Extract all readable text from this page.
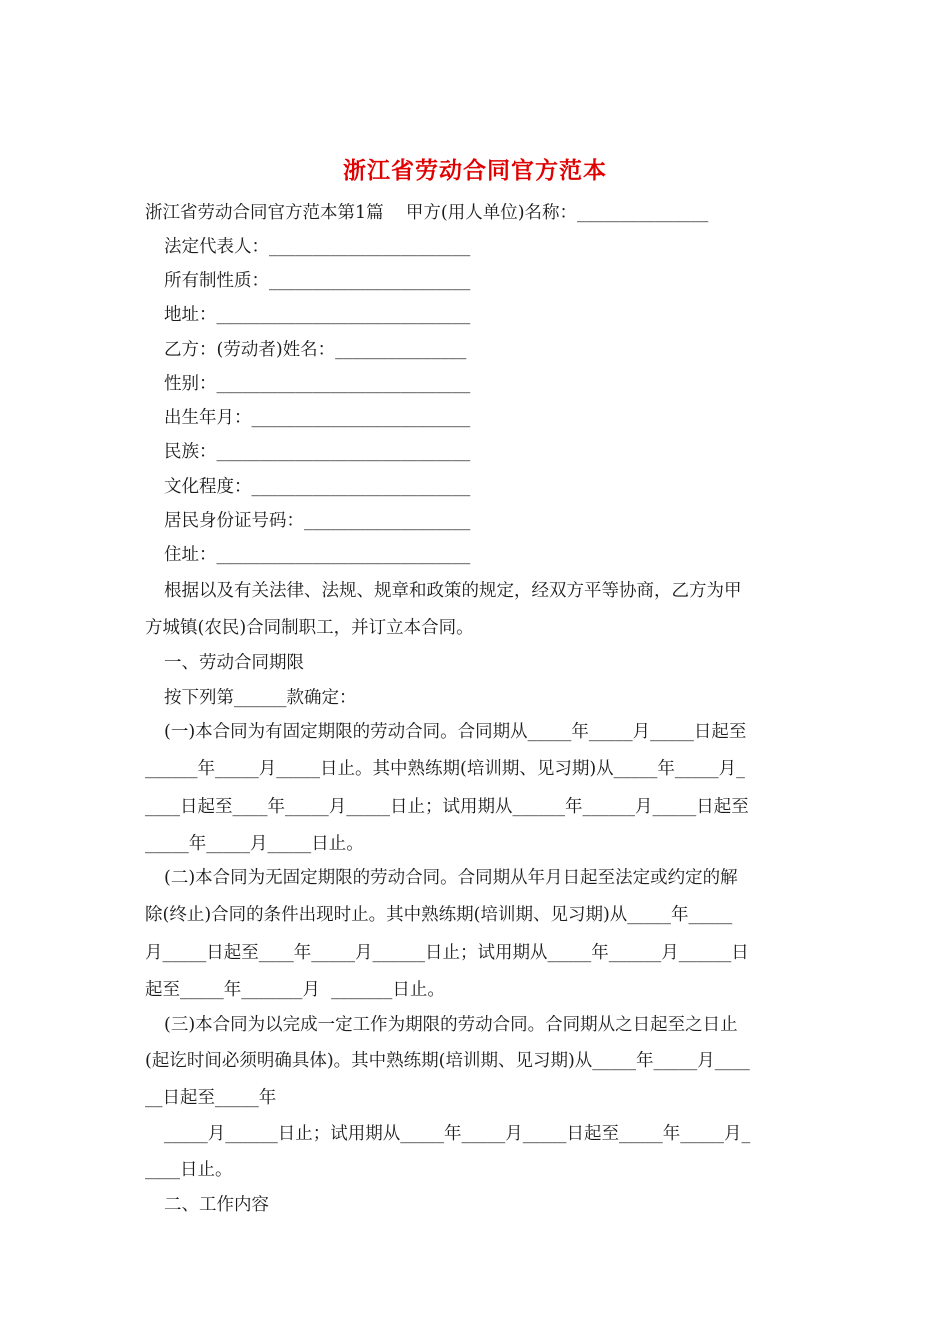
浙江省劳动合同官方范本
浙江省劳动合同官方范本第1篇    甲方(用人单位)名称：_______________
法定代表人：_______________________
所有制性质：_______________________
地址：_____________________________
乙方：(劳动者)姓名：_______________
性别：_____________________________
出生年月：_________________________
民族：_____________________________
文化程度：_________________________
居民身份证号码：___________________
住址：_____________________________
根据以及有关法律、法规、规章和政策的规定，经双方平等协商，乙方为甲
方城镇(农民)合同制职工，并订立本合同。
一、劳动合同期限
按下列第______款确定：
(一)本合同为有固定期限的劳动合同。合同期从_____年_____月_____日起至
______年_____月_____日止。其中熟练期(培训期、见习期)从_____年_____月_
____日起至____年_____月_____日止；试用期从______年______月_____日起至
_____年_____月_____日止。
(二)本合同为无固定期限的劳动合同。合同期从年月日起至法定或约定的解
除(终止)合同的条件出现时止。其中熟练期(培训期、见习期)从_____年_____
月_____日起至____年_____月______日止；试用期从_____年______月______日
起至_____年_______月  _______日止。
(三)本合同为以完成一定工作为期限的劳动合同。合同期从之日起至之日止
(起讫时间必须明确具体)。其中熟练期(培训期、见习期)从_____年_____月____
__日起至_____年
_____月______日止；试用期从_____年_____月_____日起至_____年_____月_
____日止。
二、工作内容
